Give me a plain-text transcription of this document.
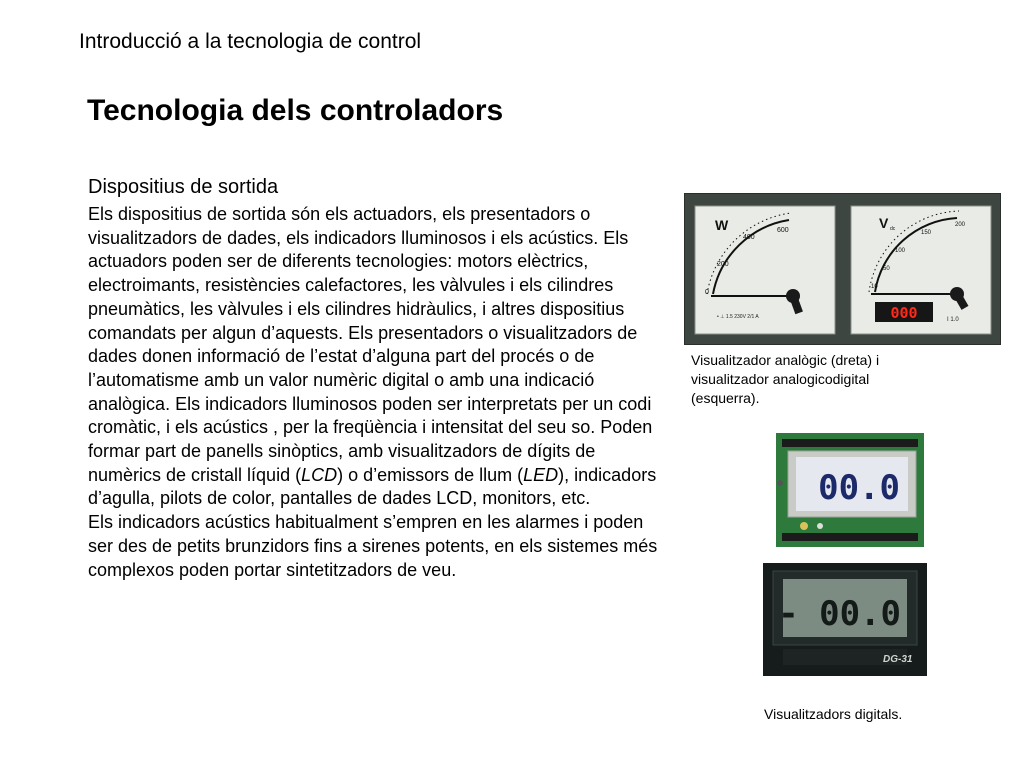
Introducció a la tecnologia de control
Tecnologia dels controladors
Dispositius de sortida

Els dispositius de sortida són els actuadors, els presentadors o visualitzadors de dades, els indicadors lluminosos i els acústics. Els actuadors poden ser de diferents tecnologies: motors elèctrics, electroimants, resistències calefactores, les vàlvules i els cilindres pneumàtics, les vàlvules i els cilindres hidràulics, i altres dispositius comandats per algun d’aquests. Els presentadors o visualitzadors de dades donen informació de l’estat d’alguna part del procés o de l’automatisme amb un valor numèric digital o amb una indicació analògica. Els indicadors lluminosos poden ser interpretats per un codi cromàtic, i els acústics , per la freqüència i intensitat del seu so. Poden formar part de panells sinòptics, amb visualitzadors de dígits de numèrics de cristall líquid (LCD) o d’emissors de llum (LED), indicadors d’agulla, pilots de color, pantalles de dades LCD, monitors, etc.

Els indicadors acústics habitualment s’empren en les alarmes i poden ser des de petits brunzidors fins a sirenes potents, en els sistemes més complexos poden portar sintetitzadors de veu.

W
0
200
400
600
• ⊥ 1.5 230V 2/1 A
V dc
10
50
100
150
200
000	I 1.0
Visualitzador analògic (dreta) i visualitzador analogicodigital (esquerra).
00.0
- 00.0
DG-31
Visualitzadors digitals.
